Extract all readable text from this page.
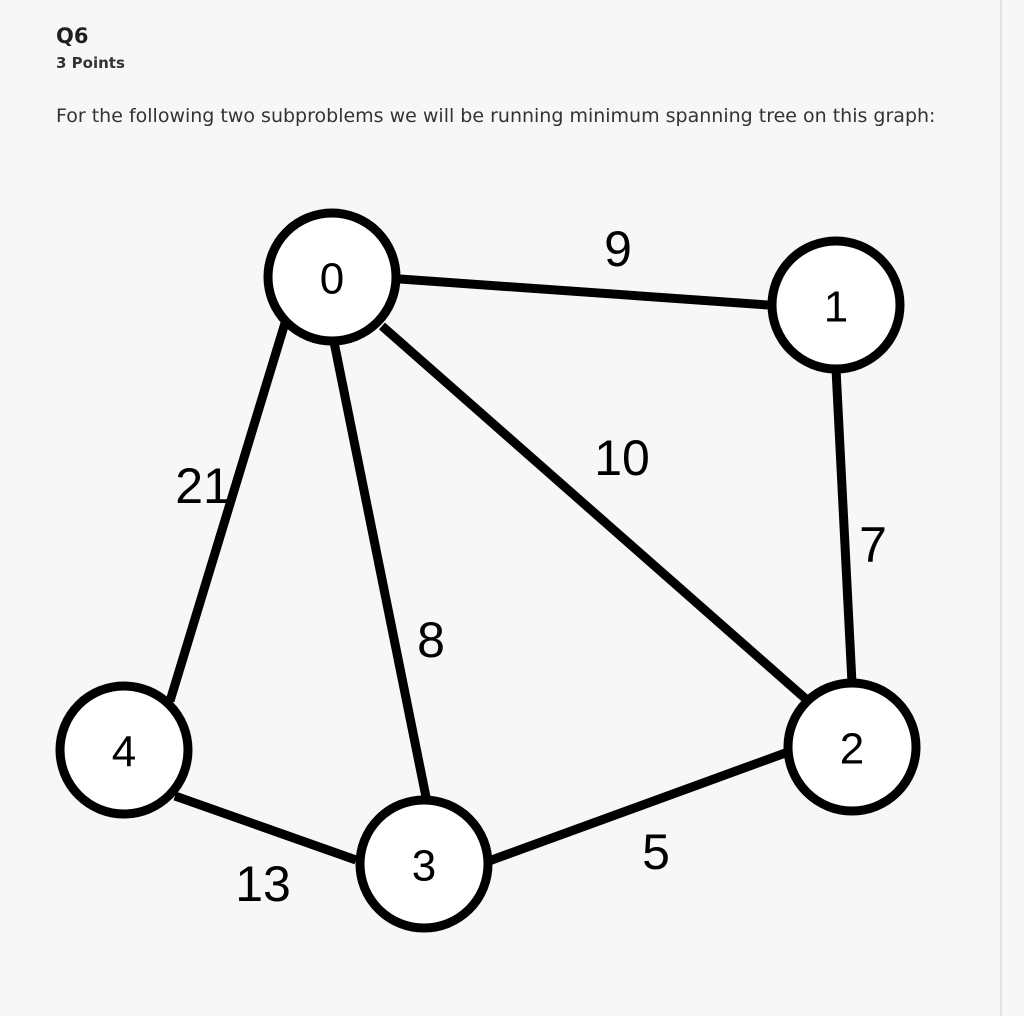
Q6
3 Points
For the following two subproblems we will be running minimum spanning tree on this graph:
0
1
2
3
4
9
10
8
21
7
5
13
